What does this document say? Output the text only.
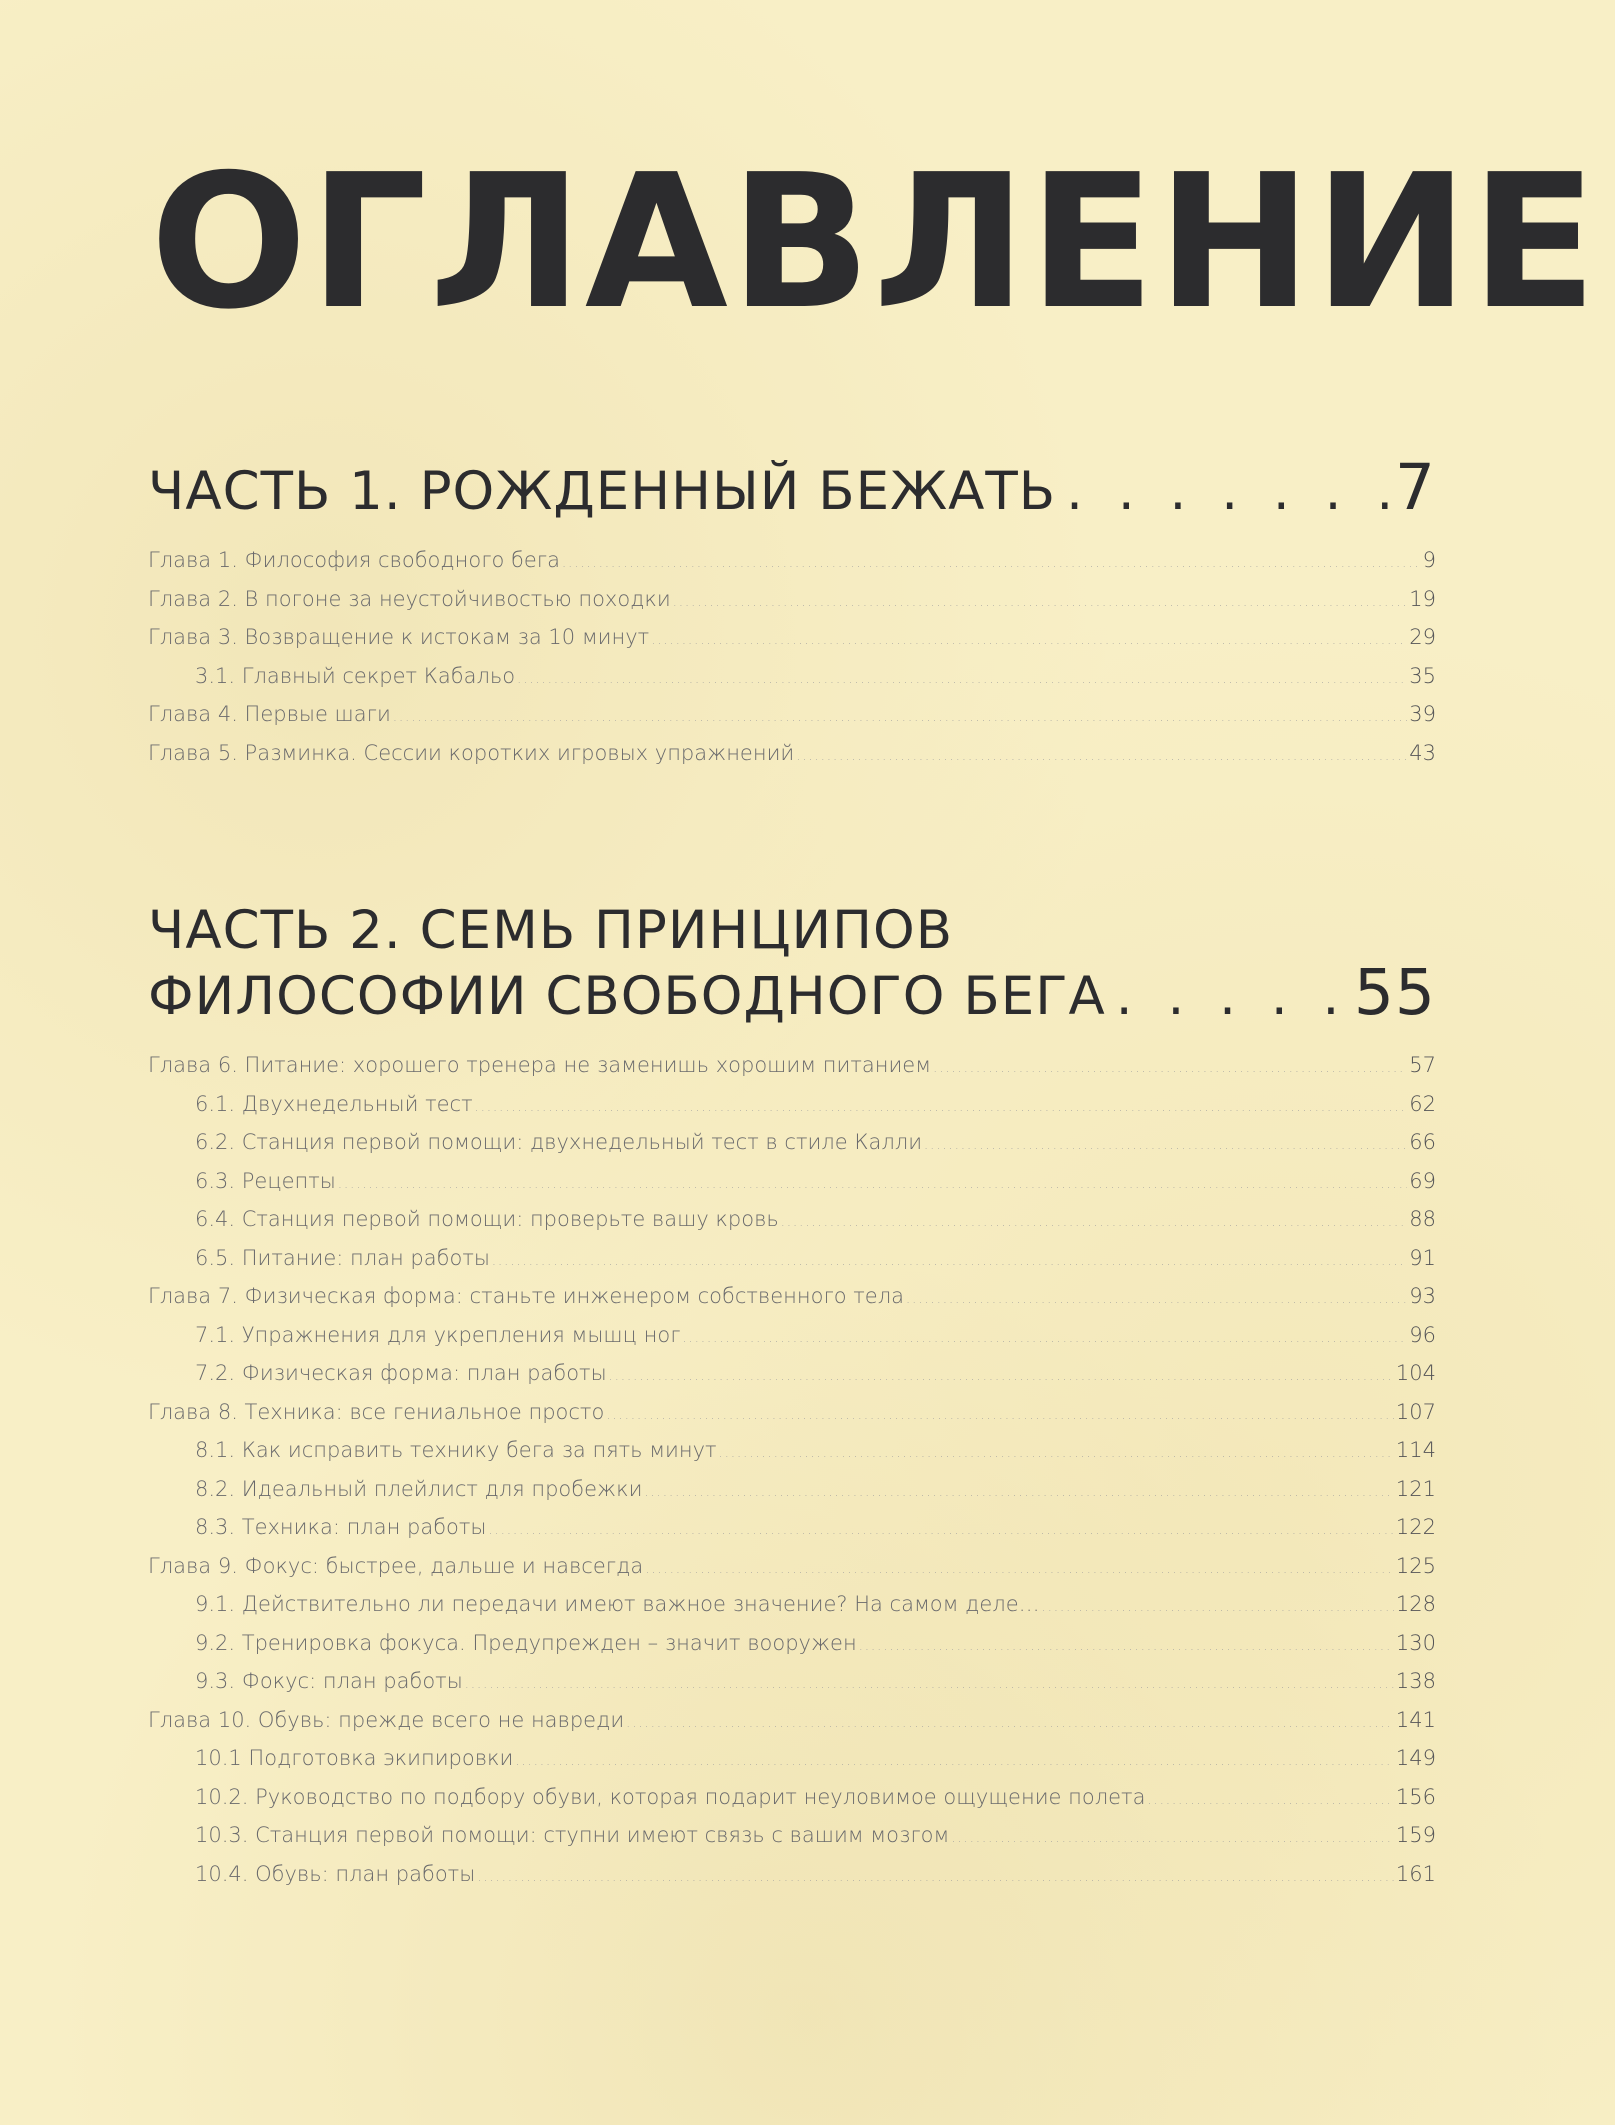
ОГЛАВЛЕНИЕ
ЧАСТЬ 1. РОЖДЕННЫЙ БЕЖАТЬ . . .	7
Глава 1. Философия свободного бега .....	9
Глава 2. В погоне за неустойчивостью походки .....	19
Глава 3. Возвращение к истокам за 10 минут .....	29
3.1. Главный секрет Кабальо .....	35
Глава 4. Первые шаги .....	39
Глава 5. Разминка. Сессии коротких игровых упражнений .....	43
ЧАСТЬ 2. СЕМЬ ПРИНЦИПОВ
ФИЛОСОФИИ СВОБОДНОГО БЕГА . . .	55
Глава 6. Питание: хорошего тренера не заменишь хорошим питанием .....	57
6.1. Двухнедельный тест .....	62
6.2. Станция первой помощи: двухнедельный тест в стиле Калли .....	66
6.3. Рецепты .....	69
6.4. Станция первой помощи: проверьте вашу кровь .....	88
6.5. Питание: план работы .....	91
Глава 7. Физическая форма: станьте инженером собственного тела .....	93
7.1. Упражнения для укрепления мышц ног .....	96
7.2. Физическая форма: план работы .....	104
Глава 8. Техника: все гениальное просто .....	107
8.1. Как исправить технику бега за пять минут .....	114
8.2. Идеальный плейлист для пробежки .....	121
8.3. Техника: план работы .....	122
Глава 9. Фокус: быстрее, дальше и навсегда .....	125
9.1. Действительно ли передачи имеют важное значение? На самом деле… .....	128
9.2. Тренировка фокуса. Предупрежден – значит вооружен .....	130
9.3. Фокус: план работы .....	138
Глава 10. Обувь: прежде всего не навреди .....	141
10.1 Подготовка экипировки .....	149
10.2. Руководство по подбору обуви, которая подарит неуловимое ощущение полета .....	156
10.3. Станция первой помощи: ступни имеют связь с вашим мозгом .....	159
10.4. Обувь: план работы .....	161
